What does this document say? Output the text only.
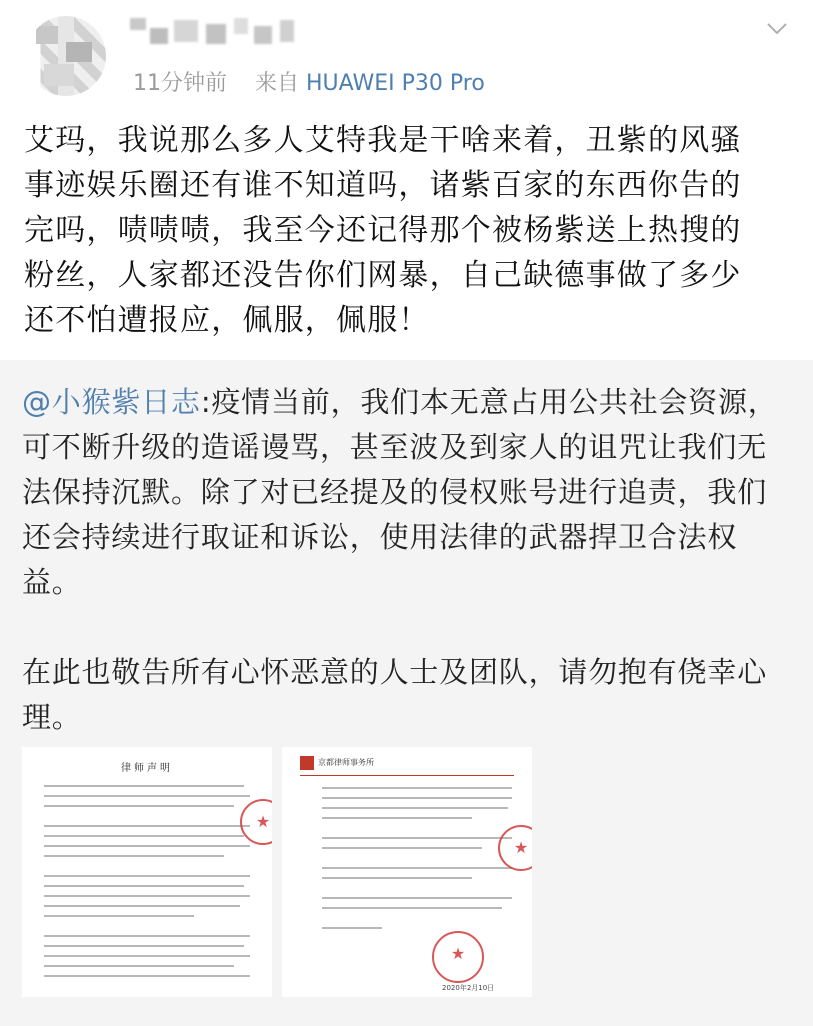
11分钟前 来自 HUAWEI P30 Pro
艾玛，我说那么多人艾特我是干啥来着，丑紫的风骚
事迹娱乐圈还有谁不知道吗，诸紫百家的东西你告的
完吗，啧啧啧，我至今还记得那个被杨紫送上热搜的
粉丝，人家都还没告你们网暴，自己缺德事做了多少
还不怕遭报应，佩服，佩服！

@小猴紫日志:疫情当前，我们本无意占用公共社会资源，可不断升级的造谣谩骂，甚至波及到家人的诅咒让我们无法保持沉默。除了对已经提及的侵权账号进行追责，我们还会持续进行取证和诉讼，使用法律的武器捍卫合法权益。

在此也敬告所有心怀恶意的人士及团队，请勿抱有侥幸心理。

律师声明
★
京都律师事务所
★
★
2020年2月10日
